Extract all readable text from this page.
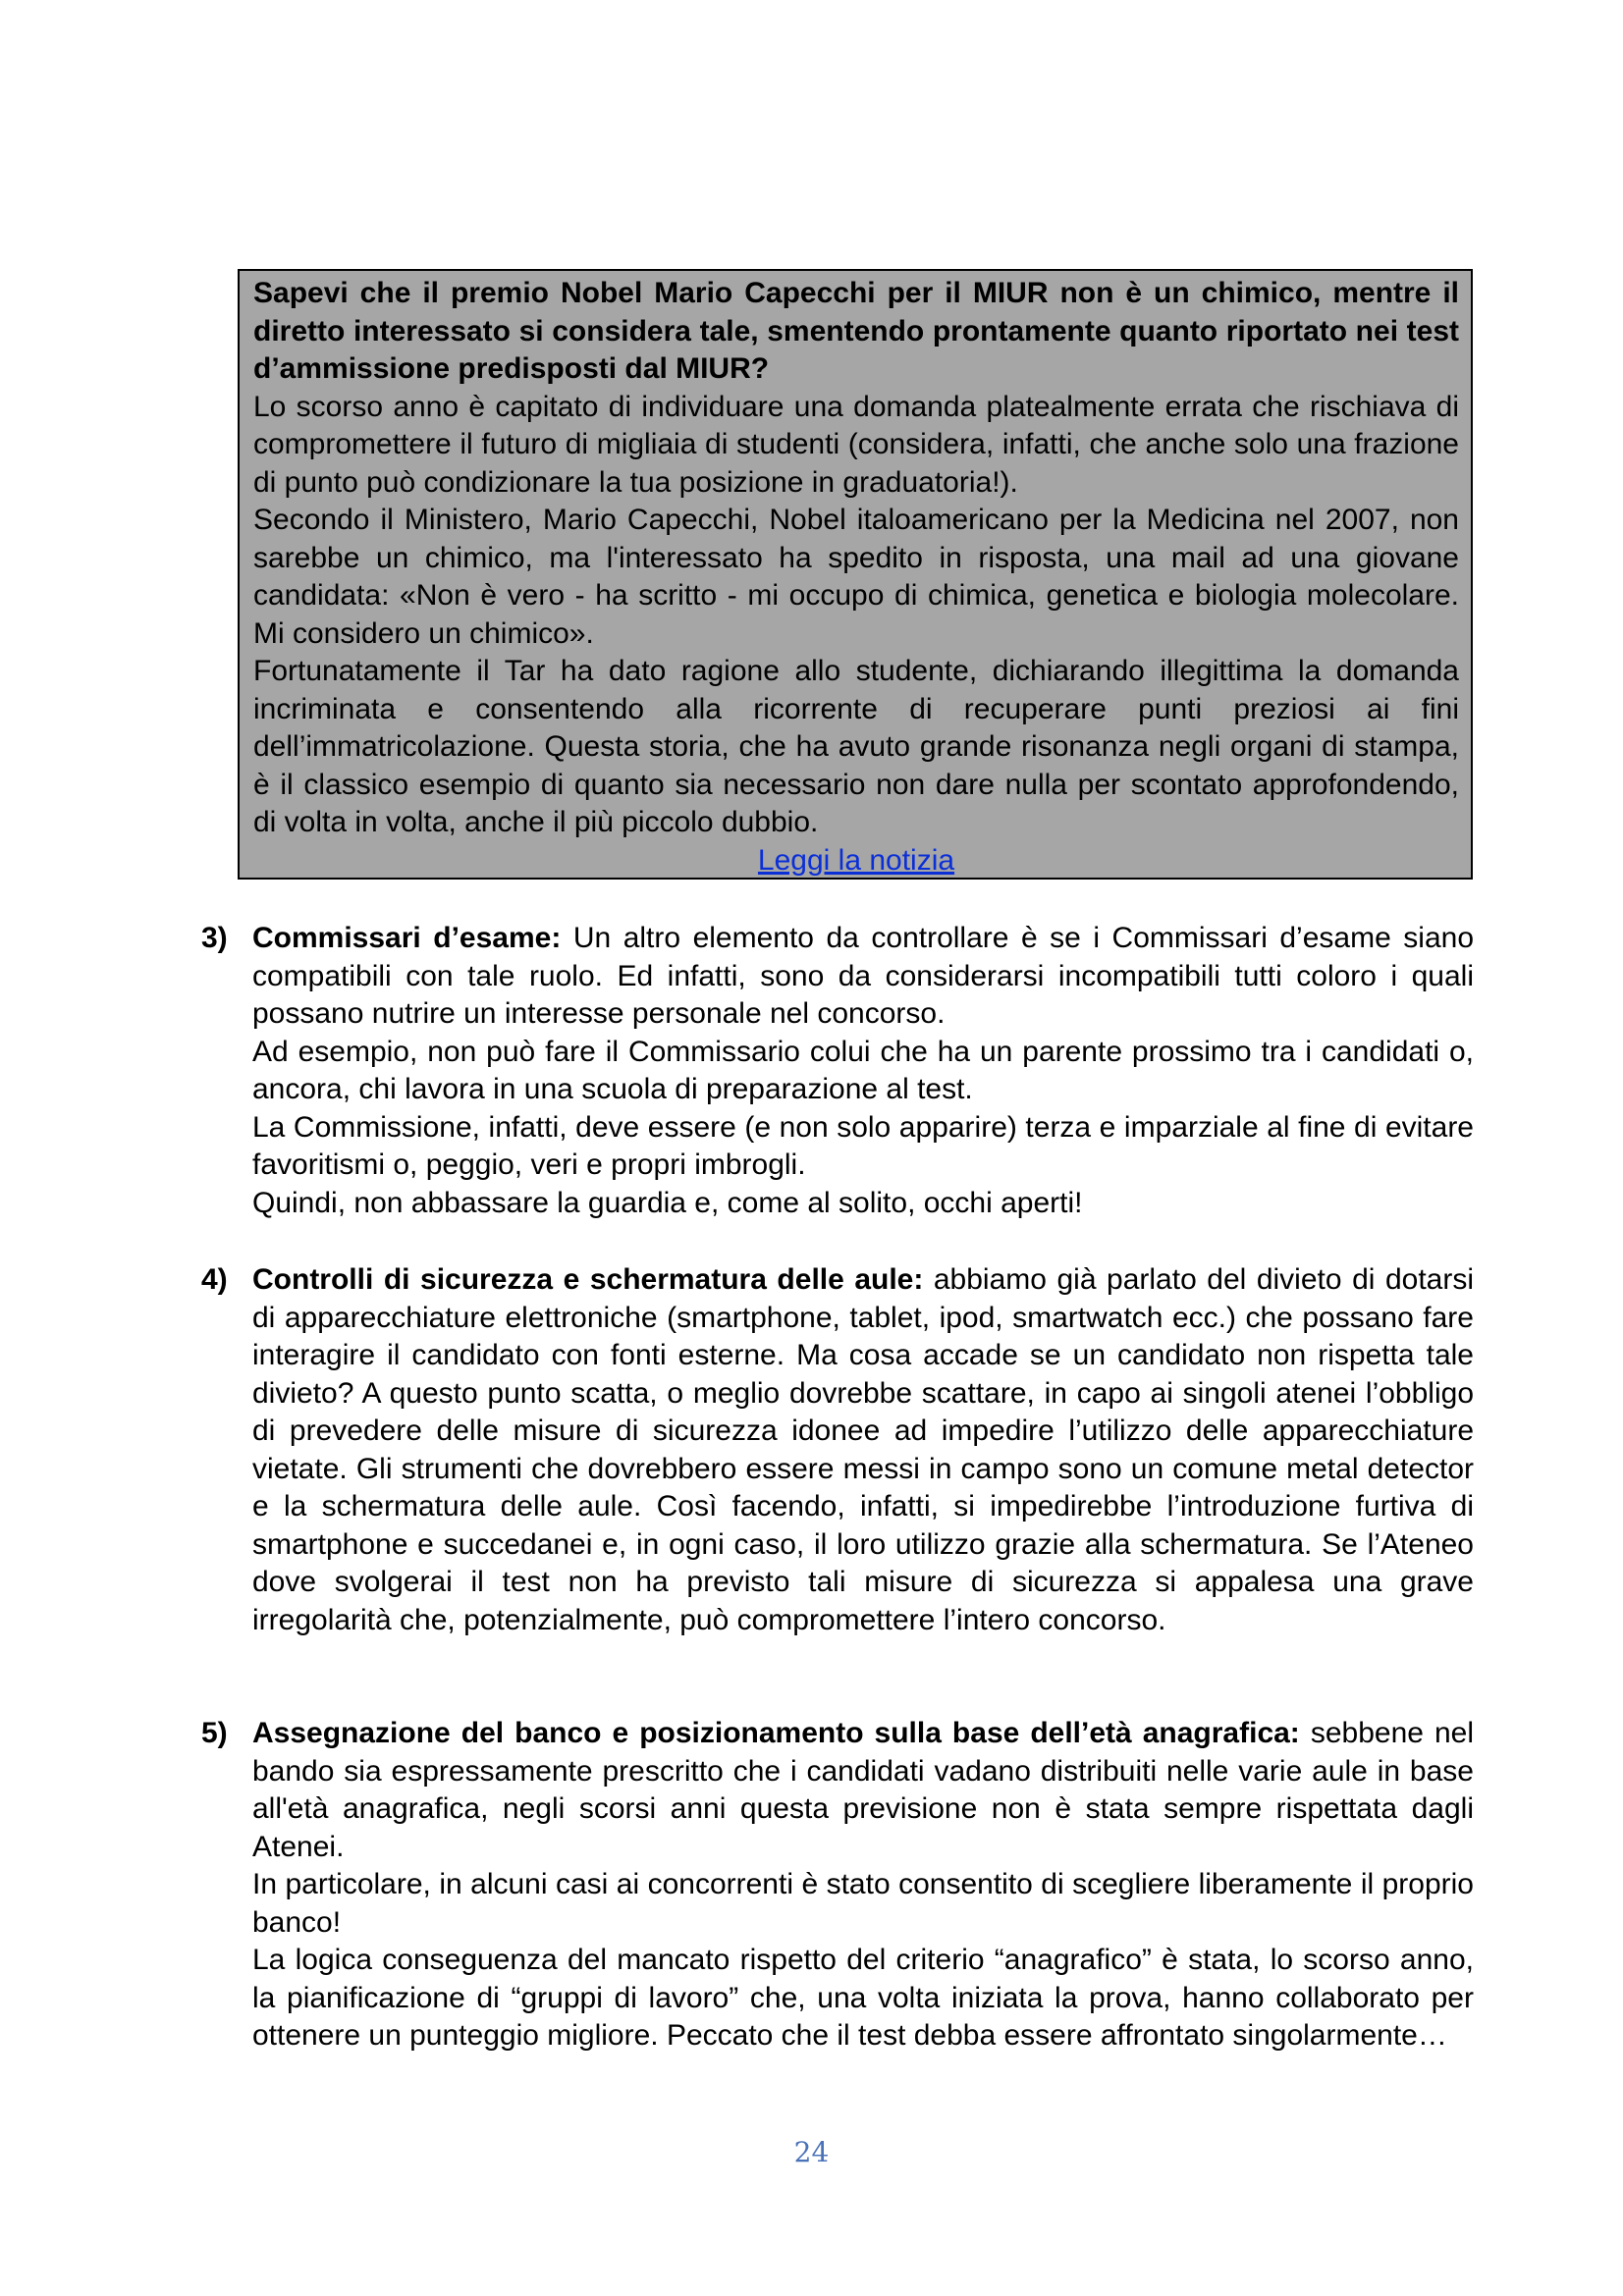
Sapevi che il premio Nobel Mario Capecchi per il MIUR non è un chimico, mentre il diretto interessato si considera tale, smentendo prontamente quanto riportato nei test d’ammissione predisposti dal MIUR?

Lo scorso anno è capitato di individuare una domanda platealmente errata che rischiava di compromettere il futuro di migliaia di studenti (considera, infatti, che anche solo una frazione di punto può condizionare la tua posizione in graduatoria!).

Secondo il Ministero, Mario Capecchi, Nobel italoamericano per la Medicina nel 2007, non sarebbe un chimico, ma l'interessato ha spedito in risposta, una mail ad una giovane candidata: «Non è vero - ha scritto - mi occupo di chimica, genetica e biologia molecolare. Mi considero un chimico».

Fortunatamente il Tar ha dato ragione allo studente, dichiarando illegittima la domanda incriminata e consentendo alla ricorrente di recuperare punti preziosi ai fini dell’immatricolazione. Questa storia, che ha avuto grande risonanza negli organi di stampa, è il classico esempio di quanto sia necessario non dare nulla per scontato approfondendo, di volta in volta, anche il più piccolo dubbio.

Leggi la notizia

3) Commissari d’esame: Un altro elemento da controllare è se i Commissari d’esame siano compatibili con tale ruolo. Ed infatti, sono da considerarsi incompatibili tutti coloro i quali possano nutrire un interesse personale nel concorso.

Ad esempio, non può fare il Commissario colui che ha un parente prossimo tra i candidati o, ancora, chi lavora in una scuola di preparazione al test.

La Commissione, infatti, deve essere (e non solo apparire) terza e imparziale al fine di evitare favoritismi o, peggio, veri e propri imbrogli.

Quindi, non abbassare la guardia e, come al solito, occhi aperti!

4) Controlli di sicurezza e schermatura delle aule: abbiamo già parlato del divieto di dotarsi di apparecchiature elettroniche (smartphone, tablet, ipod, smartwatch ecc.) che possano fare interagire il candidato con fonti esterne. Ma cosa accade se un candidato non rispetta tale divieto? A questo punto scatta, o meglio dovrebbe scattare, in capo ai singoli atenei l’obbligo di prevedere delle misure di sicurezza idonee ad impedire l’utilizzo delle apparecchiature vietate. Gli strumenti che dovrebbero essere messi in campo sono un comune metal detector e la schermatura delle aule. Così facendo, infatti, si impedirebbe l’introduzione furtiva di smartphone e succedanei e, in ogni caso, il loro utilizzo grazie alla schermatura. Se l’Ateneo dove svolgerai il test non ha previsto tali misure di sicurezza si appalesa una grave irregolarità che, potenzialmente, può compromettere l’intero concorso.

5) Assegnazione del banco e posizionamento sulla base dell’età anagrafica: sebbene nel bando sia espressamente prescritto che i candidati vadano distribuiti nelle varie aule in base all'età anagrafica, negli scorsi anni questa previsione non è stata sempre rispettata dagli Atenei.

In particolare, in alcuni casi ai concorrenti è stato consentito di scegliere liberamente il proprio banco!

La logica conseguenza del mancato rispetto del criterio “anagrafico” è stata, lo scorso anno, la pianificazione di “gruppi di lavoro” che, una volta iniziata la prova, hanno collaborato per ottenere un punteggio migliore. Peccato che il test debba essere affrontato singolarmente…

24
